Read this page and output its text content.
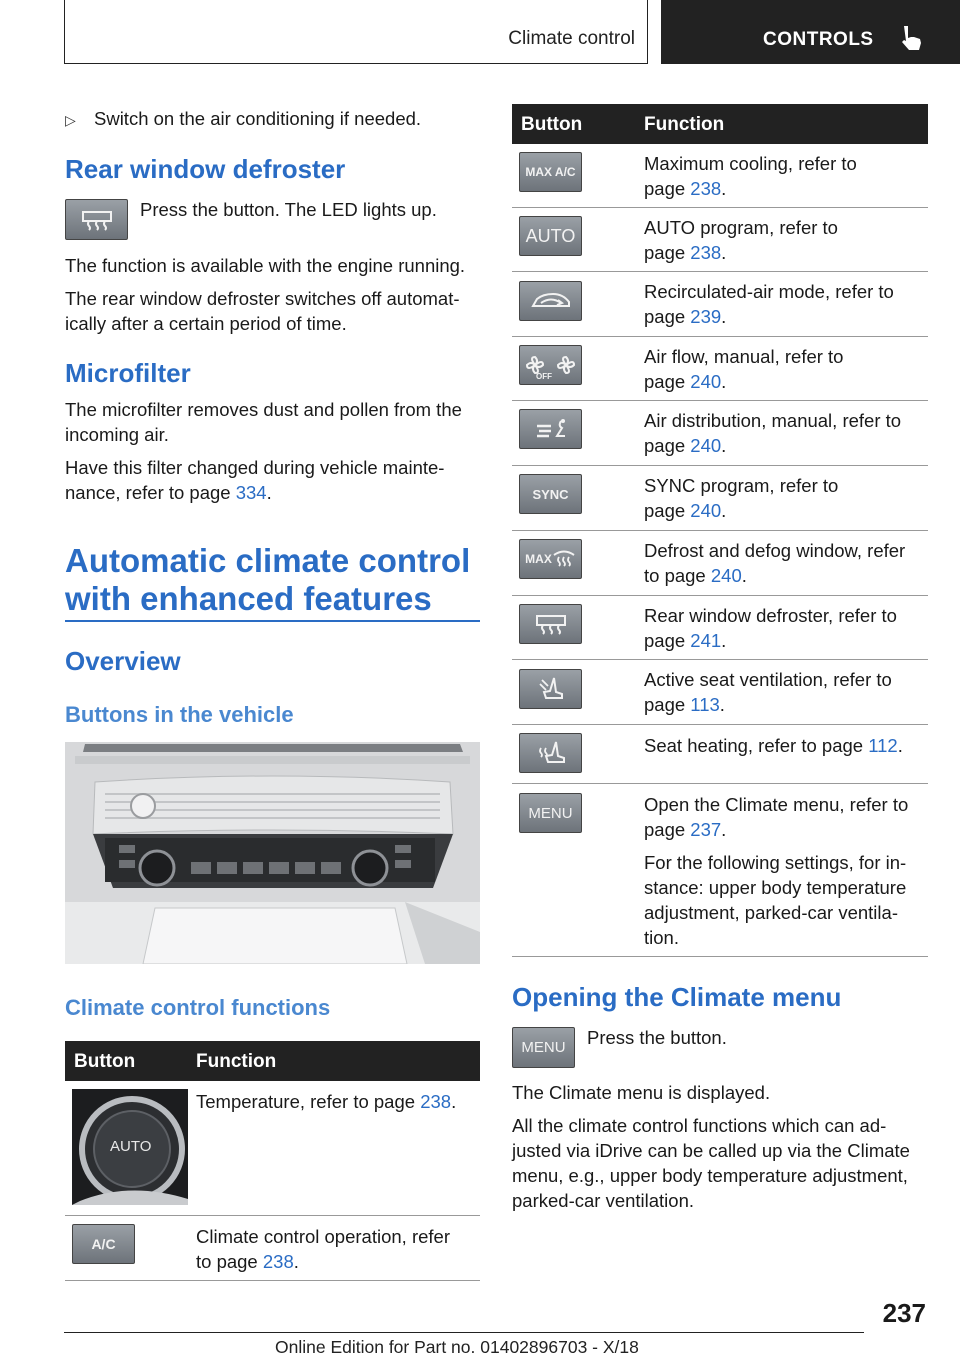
Climate control	CONTROLS
▷ Switch on the air conditioning if needed.
Rear window defroster
Press the button. The LED lights up.
The function is available with the engine running.
The rear window defroster switches off automat‐
ically after a certain period of time.
Microfilter
The microfilter removes dust and pollen from the
incoming air.
Have this filter changed during vehicle mainte‐
nance, refer to page 334.
Automatic climate control
with enhanced features
Overview
Buttons in the vehicle
Climate control functions
Button	Function
AUTO
Temperature, refer to page 238.
A/C	Climate control operation, refer
to page 238.
Button	Function
MAX A/C	Maximum cooling, refer to
page 238.
AUTO	AUTO program, refer to
page 238.
Recirculated-air mode, refer to
page 239.
OFF
Air flow, manual, refer to
page 240.
Air distribution, manual, refer to
page 240.
SYNC	SYNC program, refer to
page 240.
MAX	Defrost and defog window, refer
to page 240.
Rear window defroster, refer to
page 241.
Active seat ventilation, refer to
page 113.
Seat heating, refer to page 112.
MENU	Open the Climate menu, refer to
page 237.
For the following settings, for in‐
stance: upper body temperature
adjustment, parked-car ventila‐
tion.
Opening the Climate menu
MENU Press the button.
The Climate menu is displayed.
All the climate control functions which can ad‐
justed via iDrive can be called up via the Climate
menu, e.g., upper body temperature adjustment,
parked-car ventilation.
237
Online Edition for Part no. 01402896703 - X/18
